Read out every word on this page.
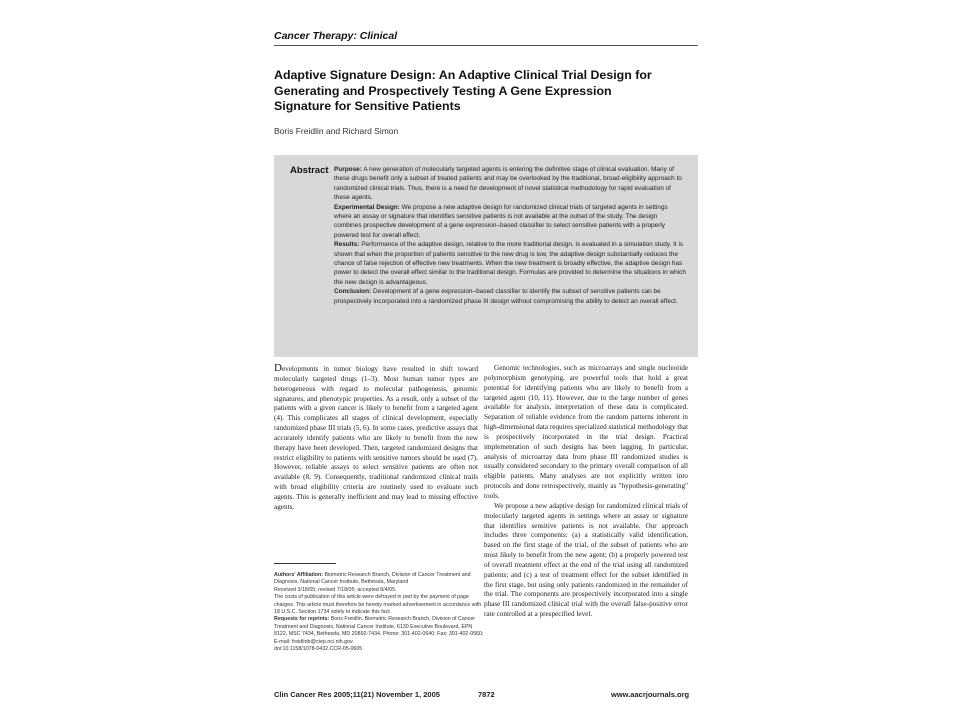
Cancer Therapy: Clinical
Adaptive Signature Design: An Adaptive Clinical Trial Design for Generating and Prospectively Testing A Gene Expression Signature for Sensitive Patients
Boris Freidlin and Richard Simon
Abstract Purpose: A new generation of molecularly targeted agents is entering the definitive stage of clinical evaluation. Many of these drugs benefit only a subset of treated patients and may be overlooked by the traditional, broad-eligibility approach to randomized clinical trials. Thus, there is a need for development of novel statistical methodology for rapid evaluation of these agents.
Experimental Design: We propose a new adaptive design for randomized clinical trials of targeted agents in settings where an assay or signature that identifies sensitive patients is not available at the outset of the study. The design combines prospective development of a gene expression–based classifier to select sensitive patients with a properly powered test for overall effect.
Results: Performance of the adaptive design, relative to the more traditional design, is evaluated in a simulation study. It is shown that when the proportion of patients sensitive to the new drug is low, the adaptive design substantially reduces the chance of false rejection of effective new treatments. When the new treatment is broadly effective, the adaptive design has power to detect the overall effect similar to the traditional design. Formulas are provided to determine the situations in which the new design is advantageous.
Conclusion: Development of a gene expression–based classifier to identify the subset of sensitive patients can be prospectively incorporated into a randomized phase III design without compromising the ability to detect an overall effect.

Developments in tumor biology have resulted in shift toward molecularly targeted drugs (1–3). Most human tumor types are heterogeneous with regard to molecular pathogenesis, genomic signatures, and phenotypic properties. As a result, only a subset of the patients with a given cancer is likely to benefit from a targeted agent (4). This complicates all stages of clinical development, especially randomized phase III trials (5, 6). In some cases, predictive assays that accurately identify patients who are likely to benefit from the new therapy have been developed. Then, targeted randomized designs that restrict eligibility to patients with sensitive tumors should be used (7). However, reliable assays to select sensitive patients are often not available (8, 9). Consequently, traditional randomized clinical trails with broad eligibility criteria are routinely used to evaluate such agents. This is generally inefficient and may lead to missing effective agents.

Genomic technologies, such as microarrays and single nucleotide polymorphism genotyping, are powerful tools that hold a great potential for identifying patients who are likely to benefit from a targeted agent (10, 11). However, due to the large number of genes available for analysis, interpretation of these data is complicated. Separation of reliable evidence from the random patterns inherent in high-dimensional data requires specialized statistical methodology that is prospectively incorporated in the trial design. Practical implementation of such designs has been lagging. In particular, analysis of microarray data from phase III randomized studies is usually considered secondary to the primary overall comparison of all eligible patients. Many analyses are not explicitly written into protocols and done retrospectively, mainly as "hypothesis-generating" tools.

We propose a new adaptive design for randomized clinical trials of molecularly targeted agents in settings where an assay or signature that identifies sensitive patients is not available. Our approach includes three components: (a) a statistically valid identification, based on the first stage of the trial, of the subset of patients who are most likely to benefit from the new agent; (b) a properly powered test of overall treatment effect at the end of the trial using all randomized patients; and (c) a test of treatment effect for the subset identified in the first stage, but using only patients randomized in the remainder of the trial. The components are prospectively incorporated into a single phase III randomized clinical trial with the overall false-positive error rate controlled at a prespecified level.

Authors' Affiliation: Biometric Research Branch, Division of Cancer Treatment and Diagnosis, National Cancer Institute, Bethesda, Maryland
Received 3/18/05; revised 7/18/05; accepted 8/4/05.
The costs of publication of this article were defrayed in part by the payment of page charges. This article must therefore be hereby marked advertisement in accordance with 18 U.S.C. Section 1734 solely to indicate this fact.
Requests for reprints: Boris Freidlin, Biometric Research Branch, Division of Cancer Treatment and Diagnosis, National Cancer Institute, 6130 Executive Boulevard, EPN 8122, MSC 7434, Bethesda, MD 20892-7434. Phone: 301-402-0640; Fax: 301-402-0560; E-mail: freidlinb@ctep.nci.nih.gov.
doi:10.1158/1078-0432.CCR-05-0605
Clin Cancer Res 2005;11(21) November 1, 2005	7872	www.aacrjournals.org
